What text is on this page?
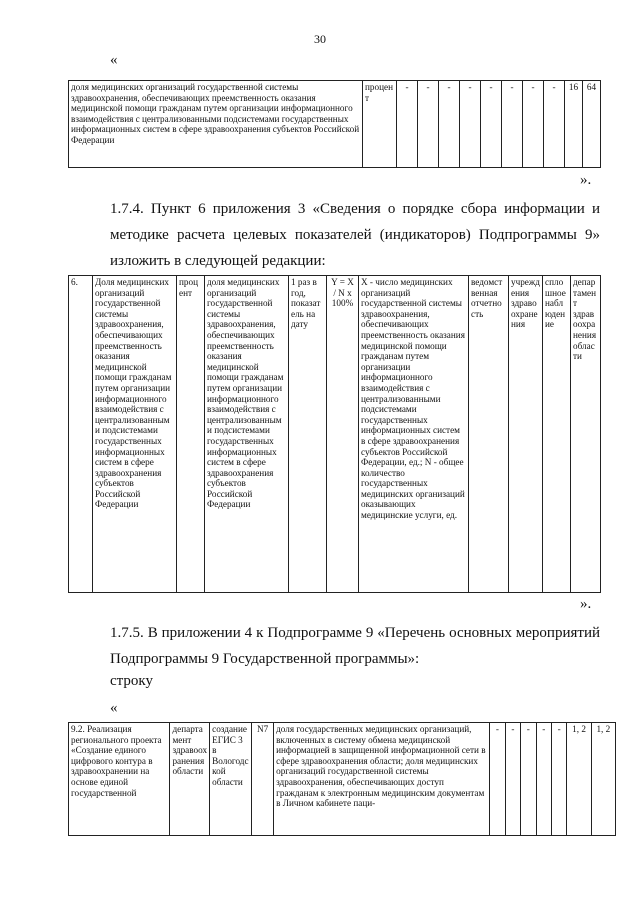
30
«
доля медицинских организаций государственной системы здравоохранения, обеспечивающих преемственность оказания медицинской помощи гражданам путем организации информационного взаимодействия с централизованными подсистемами государственных информационных систем в сфере здравоохранения субъектов Российской Федерации	процент	-	-	-	-	-	-	-	-	16	64
».
1.7.4. Пункт 6 приложения 3 «Сведения о порядке сбора информации и методике расчета целевых показателей (индикаторов) Подпрограммы 9» изложить в следующей редакции:
6.	Доля медицинских организаций государственной системы здравоохранения, обеспечивающих преемственность оказания медицинской помощи гражданам путем организации информационного взаимодействия с централизованными подсистемами государственных информационных систем в сфере здравоохранения субъектов Российской Федерации	процент	доля медицинских организаций государственной системы здравоохранения, обеспечивающих преемственность оказания медицинской помощи гражданам путем организации информационного взаимодействия с централизованными подсистемами государственных информационных систем в сфере здравоохранения субъектов Российской Федерации	1 раз в год, показатель на дату	Y = X / N x 100%	X - число медицинских организаций государственной системы здравоохранения, обеспечивающих преемственность оказания медицинской помощи гражданам путем организации информационного взаимодействия с централизованными подсистемами государственных информационных систем в сфере здравоохранения субъектов Российской Федерации, ед.; N - общее количество государственных медицинских организаций оказывающих медицинские услуги, ед.	ведомственная отчетность	учреждения здравоохранения	сплошное наблюдение	департамент здравоохранения области
».
1.7.5. В приложении 4 к Подпрограмме 9 «Перечень основных мероприятий Подпрограммы 9 Государственной программы»:
строку
«
9.2. Реализация регионального проекта «Создание единого цифрового контура в здравоохранении на основе единой государственной	департамент здравоохранения области	создание ЕГИС 3 в Вологодской области	N7	доля государственных медицинских организаций, включенных в систему обмена медицинской информацией в защищенной информационной сети в сфере здравоохранения области; доля медицинских организаций государственной системы здравоохранения, обеспечивающих доступ гражданам к электронным медицинским документам в Личном кабинете паци-	-	-	-	-	-	1, 2	1, 2
